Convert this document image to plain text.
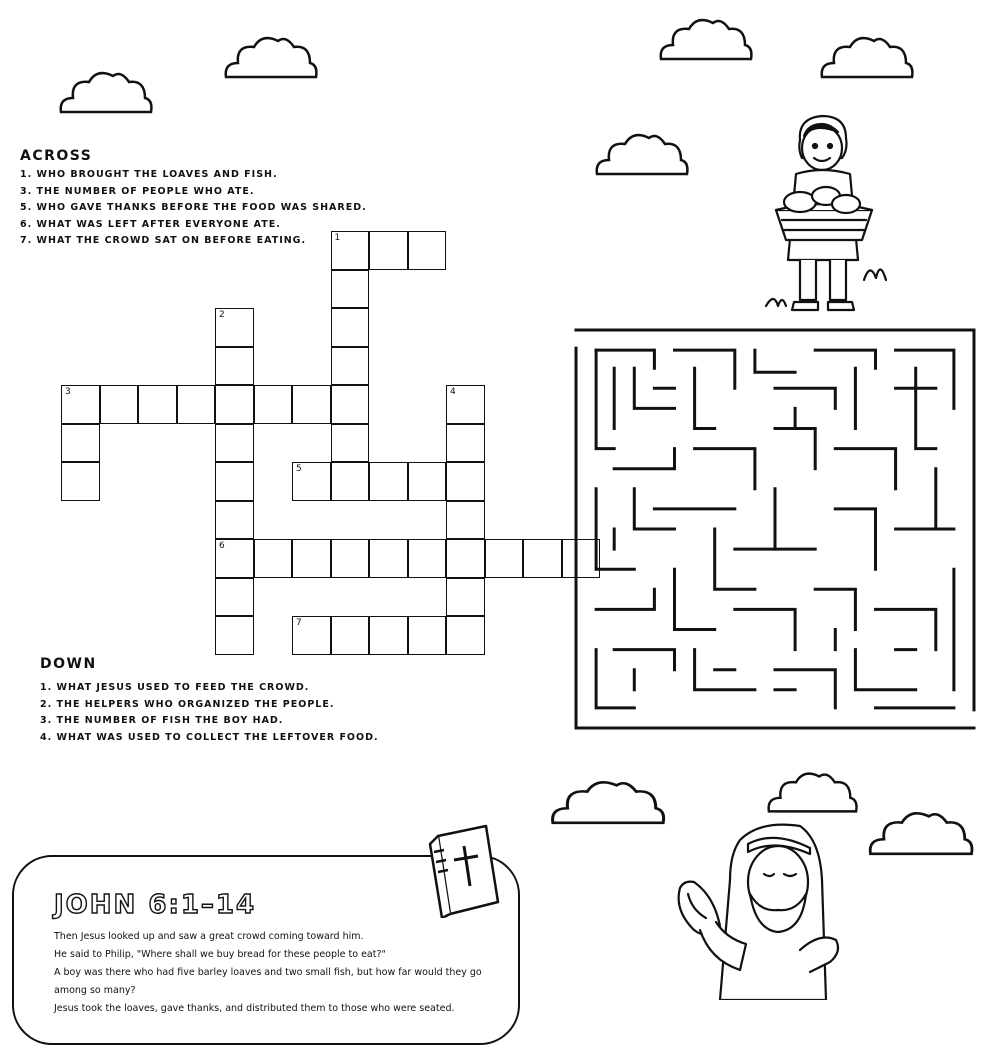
ACROSS
1. WHO BROUGHT THE LOAVES AND FISH.
3. THE NUMBER OF PEOPLE WHO ATE.
5. WHO GAVE THANKS BEFORE THE FOOD WAS SHARED.
6. WHAT WAS LEFT AFTER EVERYONE ATE.
7. WHAT THE CROWD SAT ON BEFORE EATING.	1
2
6
3	4
5
7
DOWN
1. WHAT JESUS USED TO FEED THE CROWD.
2. THE HELPERS WHO ORGANIZED THE PEOPLE.
3. THE NUMBER OF FISH THE BOY HAD.
4. WHAT WAS USED TO COLLECT THE LEFTOVER FOOD.
JOHN 6:1–14
Then Jesus looked up and saw a great crowd coming toward him.
He said to Philip, "Where shall we buy bread for these people to eat?"
A boy was there who had five barley loaves and two small fish, but how far would they go
among so many?
Jesus took the loaves, gave thanks, and distributed them to those who were seated.
